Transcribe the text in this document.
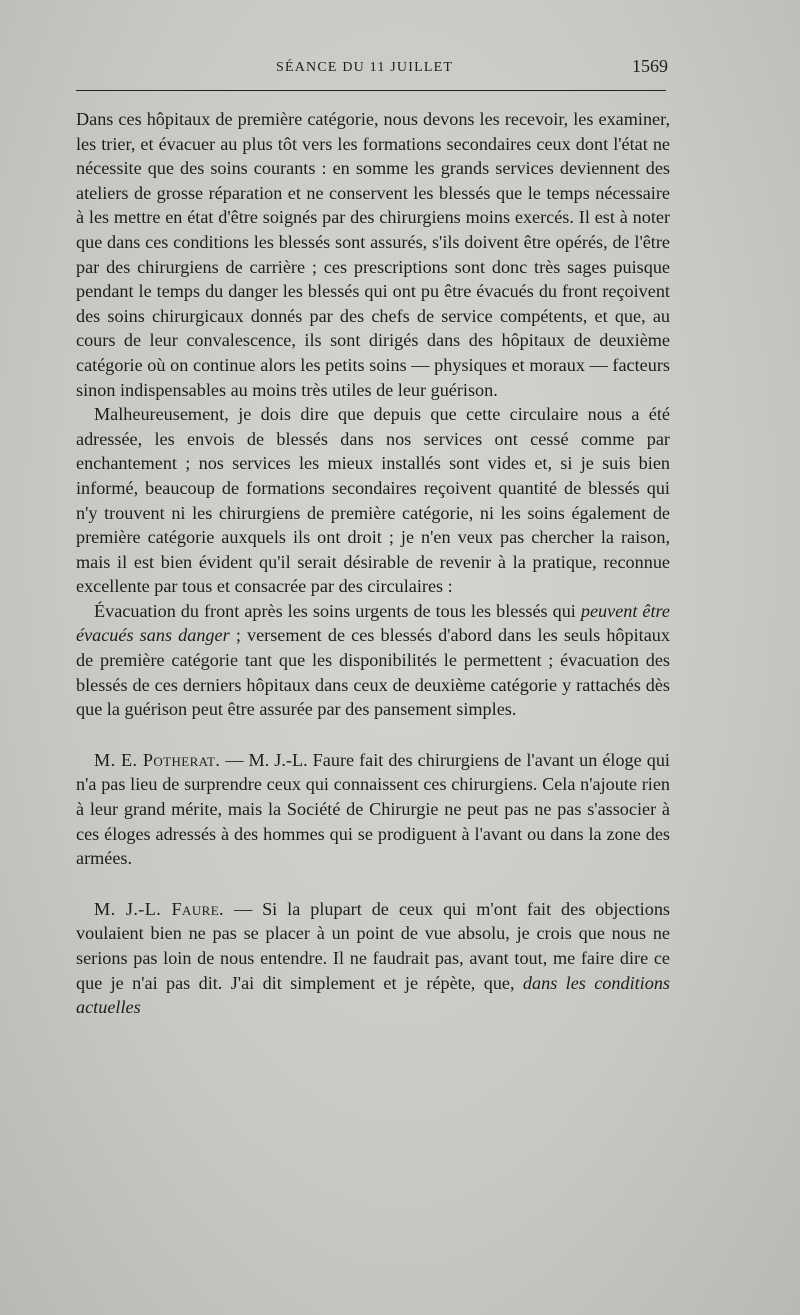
SÉANCE DU 11 JUILLET	1569

Dans ces hôpitaux de première catégorie, nous devons les recevoir, les examiner, les trier, et évacuer au plus tôt vers les formations secondaires ceux dont l'état ne nécessite que des soins courants : en somme les grands services deviennent des ateliers de grosse réparation et ne conservent les blessés que le temps nécessaire à les mettre en état d'être soignés par des chirurgiens moins exercés. Il est à noter que dans ces conditions les blessés sont assurés, s'ils doivent être opérés, de l'être par des chirurgiens de carrière ; ces prescriptions sont donc très sages puisque pendant le temps du danger les blessés qui ont pu être évacués du front reçoivent des soins chirurgicaux donnés par des chefs de service compétents, et que, au cours de leur convalescence, ils sont dirigés dans des hôpitaux de deuxième catégorie où on continue alors les petits soins — physiques et moraux — facteurs sinon indispensables au moins très utiles de leur guérison.

Malheureusement, je dois dire que depuis que cette circulaire nous a été adressée, les envois de blessés dans nos services ont cessé comme par enchantement ; nos services les mieux installés sont vides et, si je suis bien informé, beaucoup de formations secondaires reçoivent quantité de blessés qui n'y trouvent ni les chirurgiens de première catégorie, ni les soins également de première catégorie auxquels ils ont droit ; je n'en veux pas chercher la raison, mais il est bien évident qu'il serait désirable de revenir à la pratique, reconnue excellente par tous et consacrée par des circulaires :

Évacuation du front après les soins urgents de tous les blessés qui peuvent être évacués sans danger ; versement de ces blessés d'abord dans les seuls hôpitaux de première catégorie tant que les disponibilités le permettent ; évacuation des blessés de ces derniers hôpitaux dans ceux de deuxième catégorie y rattachés dès que la guérison peut être assurée par des pansement simples.

M. E. Potherat. — M. J.-L. Faure fait des chirurgiens de l'avant un éloge qui n'a pas lieu de surprendre ceux qui connaissent ces chirurgiens. Cela n'ajoute rien à leur grand mérite, mais la Société de Chirurgie ne peut pas ne pas s'associer à ces éloges adressés à des hommes qui se prodiguent à l'avant ou dans la zone des armées.

M. J.-L. Faure. — Si la plupart de ceux qui m'ont fait des objections voulaient bien ne pas se placer à un point de vue absolu, je crois que nous ne serions pas loin de nous entendre. Il ne faudrait pas, avant tout, me faire dire ce que je n'ai pas dit. J'ai dit simplement et je répète, que, dans les conditions actuelles
